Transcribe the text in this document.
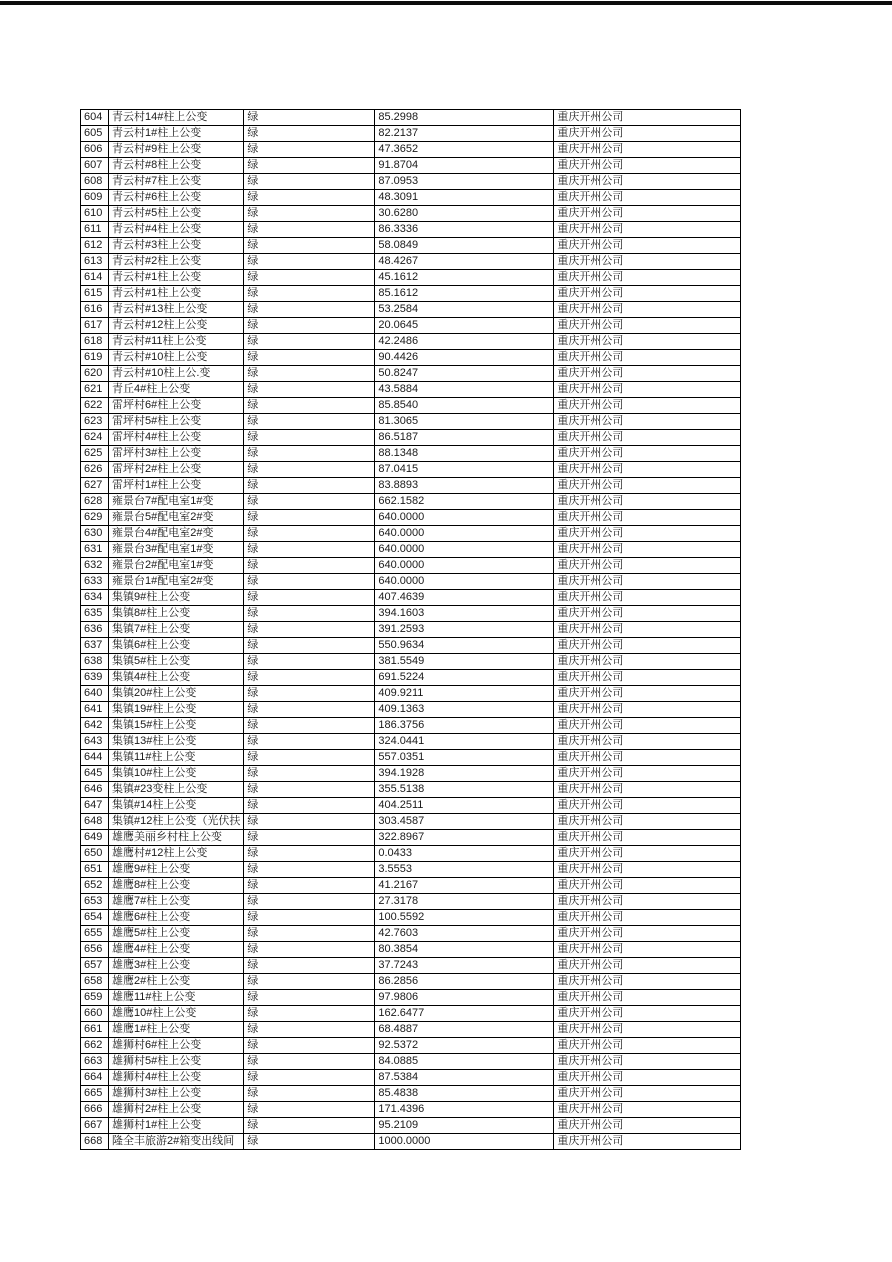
604	青云村14#柱上公变	绿	85.2998	重庆开州公司
605	青云村1#柱上公变	绿	82.2137	重庆开州公司
606	青云村#9柱上公变	绿	47.3652	重庆开州公司
607	青云村#8柱上公变	绿	91.8704	重庆开州公司
608	青云村#7柱上公变	绿	87.0953	重庆开州公司
609	青云村#6柱上公变	绿	48.3091	重庆开州公司
610	青云村#5柱上公变	绿	30.6280	重庆开州公司
611	青云村#4柱上公变	绿	86.3336	重庆开州公司
612	青云村#3柱上公变	绿	58.0849	重庆开州公司
613	青云村#2柱上公变	绿	48.4267	重庆开州公司
614	青云村#1柱上公变	绿	45.1612	重庆开州公司
615	青云村#1柱上公变	绿	85.1612	重庆开州公司
616	青云村#13柱上公变	绿	53.2584	重庆开州公司
617	青云村#12柱上公变	绿	20.0645	重庆开州公司
618	青云村#11柱上公变	绿	42.2486	重庆开州公司
619	青云村#10柱上公变	绿	90.4426	重庆开州公司
620	青云村#10柱上公.变	绿	50.8247	重庆开州公司
621	青丘4#柱上公变	绿	43.5884	重庆开州公司
622	雷坪村6#柱上公变	绿	85.8540	重庆开州公司
623	雷坪村5#柱上公变	绿	81.3065	重庆开州公司
624	雷坪村4#柱上公变	绿	86.5187	重庆开州公司
625	雷坪村3#柱上公变	绿	88.1348	重庆开州公司
626	雷坪村2#柱上公变	绿	87.0415	重庆开州公司
627	雷坪村1#柱上公变	绿	83.8893	重庆开州公司
628	雍景台7#配电室1#变	绿	662.1582	重庆开州公司
629	雍景台5#配电室2#变	绿	640.0000	重庆开州公司
630	雍景台4#配电室2#变	绿	640.0000	重庆开州公司
631	雍景台3#配电室1#变	绿	640.0000	重庆开州公司
632	雍景台2#配电室1#变	绿	640.0000	重庆开州公司
633	雍景台1#配电室2#变	绿	640.0000	重庆开州公司
634	集镇9#柱上公变	绿	407.4639	重庆开州公司
635	集镇8#柱上公变	绿	394.1603	重庆开州公司
636	集镇7#柱上公变	绿	391.2593	重庆开州公司
637	集镇6#柱上公变	绿	550.9634	重庆开州公司
638	集镇5#柱上公变	绿	381.5549	重庆开州公司
639	集镇4#柱上公变	绿	691.5224	重庆开州公司
640	集镇20#柱上公变	绿	409.9211	重庆开州公司
641	集镇19#柱上公变	绿	409.1363	重庆开州公司
642	集镇15#柱上公变	绿	186.3756	重庆开州公司
643	集镇13#柱上公变	绿	324.0441	重庆开州公司
644	集镇11#柱上公变	绿	557.0351	重庆开州公司
645	集镇10#柱上公变	绿	394.1928	重庆开州公司
646	集镇#23变柱上公变	绿	355.5138	重庆开州公司
647	集镇#14柱上公变	绿	404.2511	重庆开州公司
648	集镇#12柱上公变（光伏扶	绿	303.4587	重庆开州公司
649	雄鹰美丽乡村柱上公变	绿	322.8967	重庆开州公司
650	雄鹰村#12柱上公变	绿	0.0433	重庆开州公司
651	雄鹰9#柱上公变	绿	3.5553	重庆开州公司
652	雄鹰8#柱上公变	绿	41.2167	重庆开州公司
653	雄鹰7#柱上公变	绿	27.3178	重庆开州公司
654	雄鹰6#柱上公变	绿	100.5592	重庆开州公司
655	雄鹰5#柱上公变	绿	42.7603	重庆开州公司
656	雄鹰4#柱上公变	绿	80.3854	重庆开州公司
657	雄鹰3#柱上公变	绿	37.7243	重庆开州公司
658	雄鹰2#柱上公变	绿	86.2856	重庆开州公司
659	雄鹰11#柱上公变	绿	97.9806	重庆开州公司
660	雄鹰10#柱上公变	绿	162.6477	重庆开州公司
661	雄鹰1#柱上公变	绿	68.4887	重庆开州公司
662	雄狮村6#柱上公变	绿	92.5372	重庆开州公司
663	雄狮村5#柱上公变	绿	84.0885	重庆开州公司
664	雄狮村4#柱上公变	绿	87.5384	重庆开州公司
665	雄狮村3#柱上公变	绿	85.4838	重庆开州公司
666	雄狮村2#柱上公变	绿	171.4396	重庆开州公司
667	雄狮村1#柱上公变	绿	95.2109	重庆开州公司
668	隆全丰旅游2#箱变出线间	绿	1000.0000	重庆开州公司
